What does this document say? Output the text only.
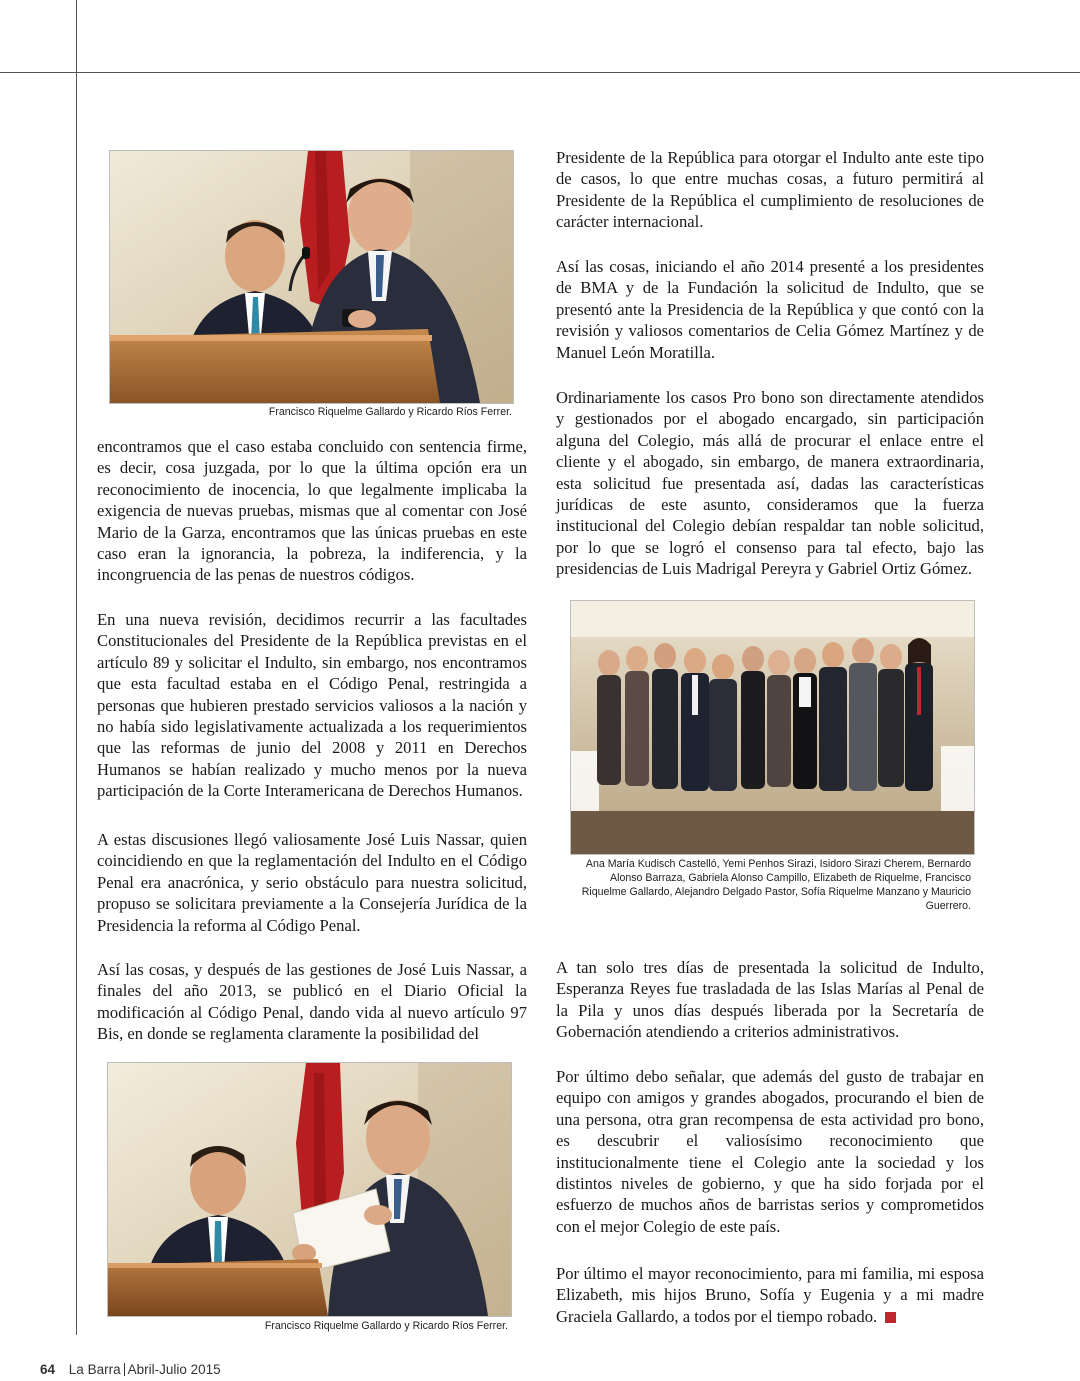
Francisco Riquelme Gallardo y Ricardo Ríos Ferrer.

encontramos que el caso estaba concluido con sentencia firme, es decir, cosa juzgada, por lo que la última opción era un reconocimiento de inocencia, lo que legalmente implicaba la exigencia de nuevas pruebas, mismas que al comentar con José Mario de la Garza, encontramos que las únicas pruebas en este caso eran la ignorancia, la pobreza, la indiferencia, y la incongruencia de las penas de nuestros códigos.

En una nueva revisión, decidimos recurrir a las facultades Constitucionales del Presidente de la República previstas en el artículo 89 y solicitar el Indulto, sin embargo, nos encontramos que esta facultad estaba en el Código Penal, restringida a personas que hubieren prestado servicios valiosos a la nación y no había sido legislativamente actualizada a los requerimientos que las reformas de junio del 2008 y 2011 en Derechos Humanos se habían realizado y mucho menos por la nueva participación de la Corte Interamericana de Derechos Humanos.

A estas discusiones llegó valiosamente José Luis Nassar, quien coincidiendo en que la reglamentación del Indulto en el Código Penal era anacrónica, y serio obstáculo para nuestra solicitud, propuso se solicitara previamente a la Consejería Jurídica de la Presidencia la reforma al Código Penal.

Así las cosas, y después de las gestiones de José Luis Nassar, a finales del año 2013, se publicó en el Diario Oficial la modificación al Código Penal, dando vida al nuevo artículo 97 Bis, en donde se reglamenta claramente la posibilidad del

Francisco Riquelme Gallardo y Ricardo Ríos Ferrer.

Presidente de la República para otorgar el Indulto ante este tipo de casos, lo que entre muchas cosas, a futuro permitirá al Presidente de la República el cumplimiento de resoluciones de carácter internacional.

Así las cosas, iniciando el año 2014 presenté a los presidentes de BMA y de la Fundación la solicitud de Indulto, que se presentó ante la Presidencia de la República y que contó con la revisión y valiosos comentarios de Celia Gómez Martínez y de Manuel León Moratilla.

Ordinariamente los casos Pro bono son directamente atendidos y gestionados por el abogado encargado, sin participación alguna del Colegio, más allá de procurar el enlace entre el cliente y el abogado, sin embargo, de manera extraordinaria, esta solicitud fue presentada así, dadas las características jurídicas de este asunto, consideramos que la fuerza institucional del Colegio debían respaldar tan noble solicitud, por lo que se logró el consenso para tal efecto, bajo las presidencias de Luis Madrigal Pereyra y Gabriel Ortiz Gómez.

Ana María Kudisch Castelló, Yemi Penhos Sirazi, Isidoro Sirazi Cherem, Bernardo Alonso Barraza, Gabriela Alonso Campillo, Elizabeth de Riquelme, Francisco Riquelme Gallardo, Alejandro Delgado Pastor, Sofía Riquelme Manzano y Mauricio Guerrero.

A tan solo tres días de presentada la solicitud de Indulto, Esperanza Reyes fue trasladada de las Islas Marías al Penal de la Pila y unos días después liberada por la Secretaría de Gobernación atendiendo a criterios administrativos.

Por último debo señalar, que además del gusto de trabajar en equipo con amigos y grandes abogados, procurando el bien de una persona, otra gran recompensa de esta actividad pro bono, es descubrir el valiosísimo reconocimiento que institucionalmente tiene el Colegio ante la sociedad y los distintos niveles de gobierno, y que ha sido forjada por el esfuerzo de muchos años de barristas serios y comprometidos con el mejor Colegio de este país.

Por último el mayor reconocimiento, para mi familia, mi esposa Elizabeth, mis hijos Bruno, Sofía y Eugenia y a mi madre Graciela Gallardo, a todos por el tiempo robado.

64 La Barra Abril-Julio 2015
